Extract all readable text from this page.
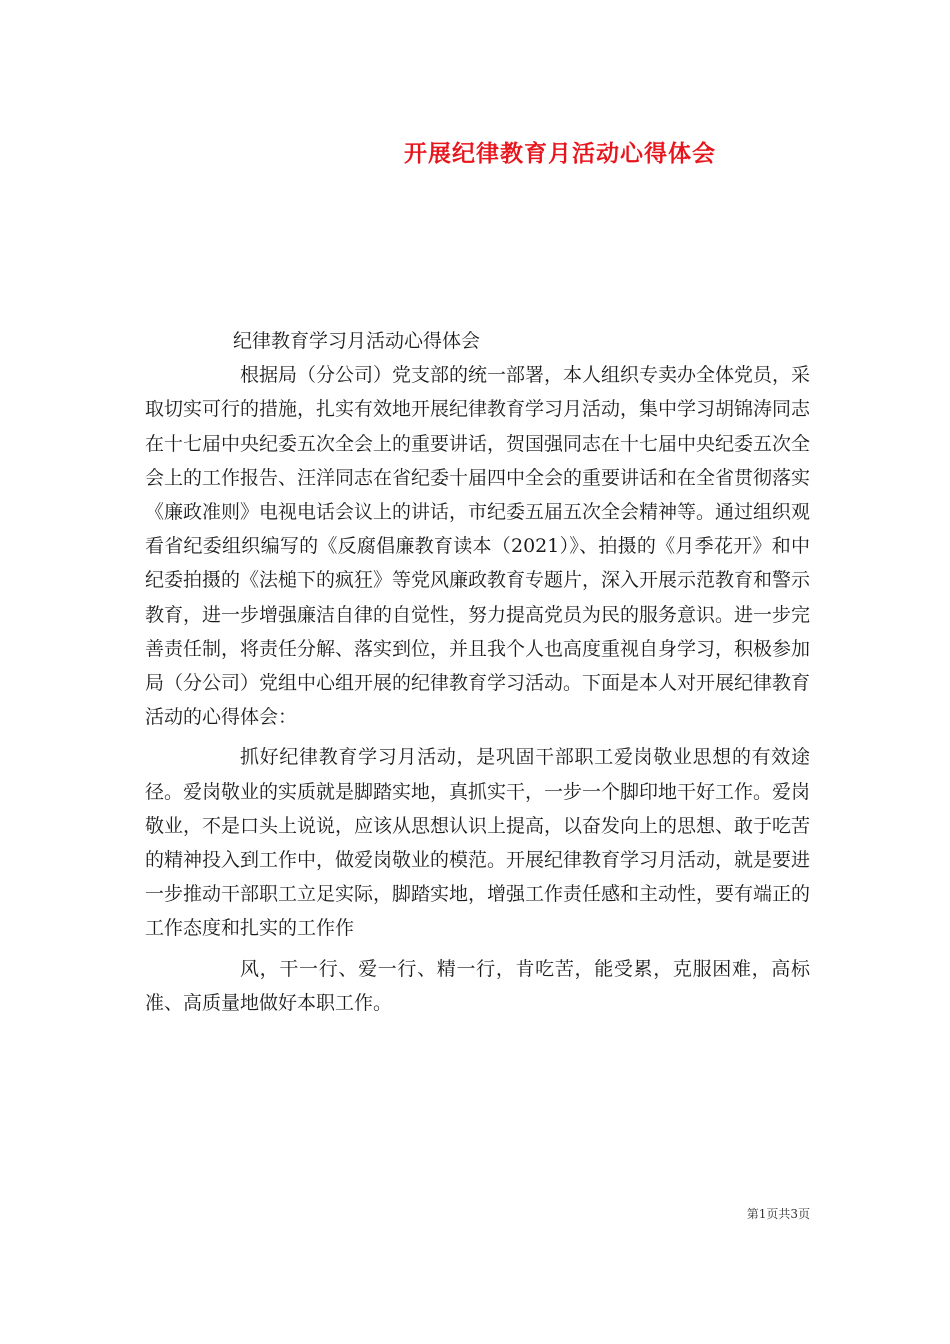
开展纪律教育月活动心得体会

纪律教育学习月活动心得体会

根据局（分公司）党支部的统一部署，本人组织专卖办全体党员，采取切实可行的措施，扎实有效地开展纪律教育学习月活动，集中学习胡锦涛同志在十七届中央纪委五次全会上的重要讲话，贺国强同志在十七届中央纪委五次全会上的工作报告、汪洋同志在省纪委十届四中全会的重要讲话和在全省贯彻落实《廉政准则》电视电话会议上的讲话，市纪委五届五次全会精神等。通过组织观看省纪委组织编写的《反腐倡廉教育读本（2021）》、拍摄的《月季花开》和中纪委拍摄的《法槌下的疯狂》等党风廉政教育专题片，深入开展示范教育和警示教育，进一步增强廉洁自律的自觉性，努力提高党员为民的服务意识。进一步完善责任制，将责任分解、落实到位，并且我个人也高度重视自身学习，积极参加局（分公司）党组中心组开展的纪律教育学习活动。下面是本人对开展纪律教育活动的心得体会：

抓好纪律教育学习月活动，是巩固干部职工爱岗敬业思想的有效途径。爱岗敬业的实质就是脚踏实地，真抓实干，一步一个脚印地干好工作。爱岗敬业，不是口头上说说，应该从思想认识上提高，以奋发向上的思想、敢于吃苦的精神投入到工作中，做爱岗敬业的模范。开展纪律教育学习月活动，就是要进一步推动干部职工立足实际，脚踏实地，增强工作责任感和主动性，要有端正的工作态度和扎实的工作作

风，干一行、爱一行、精一行，肯吃苦，能受累，克服困难，高标准、高质量地做好本职工作。

第1页共3页
